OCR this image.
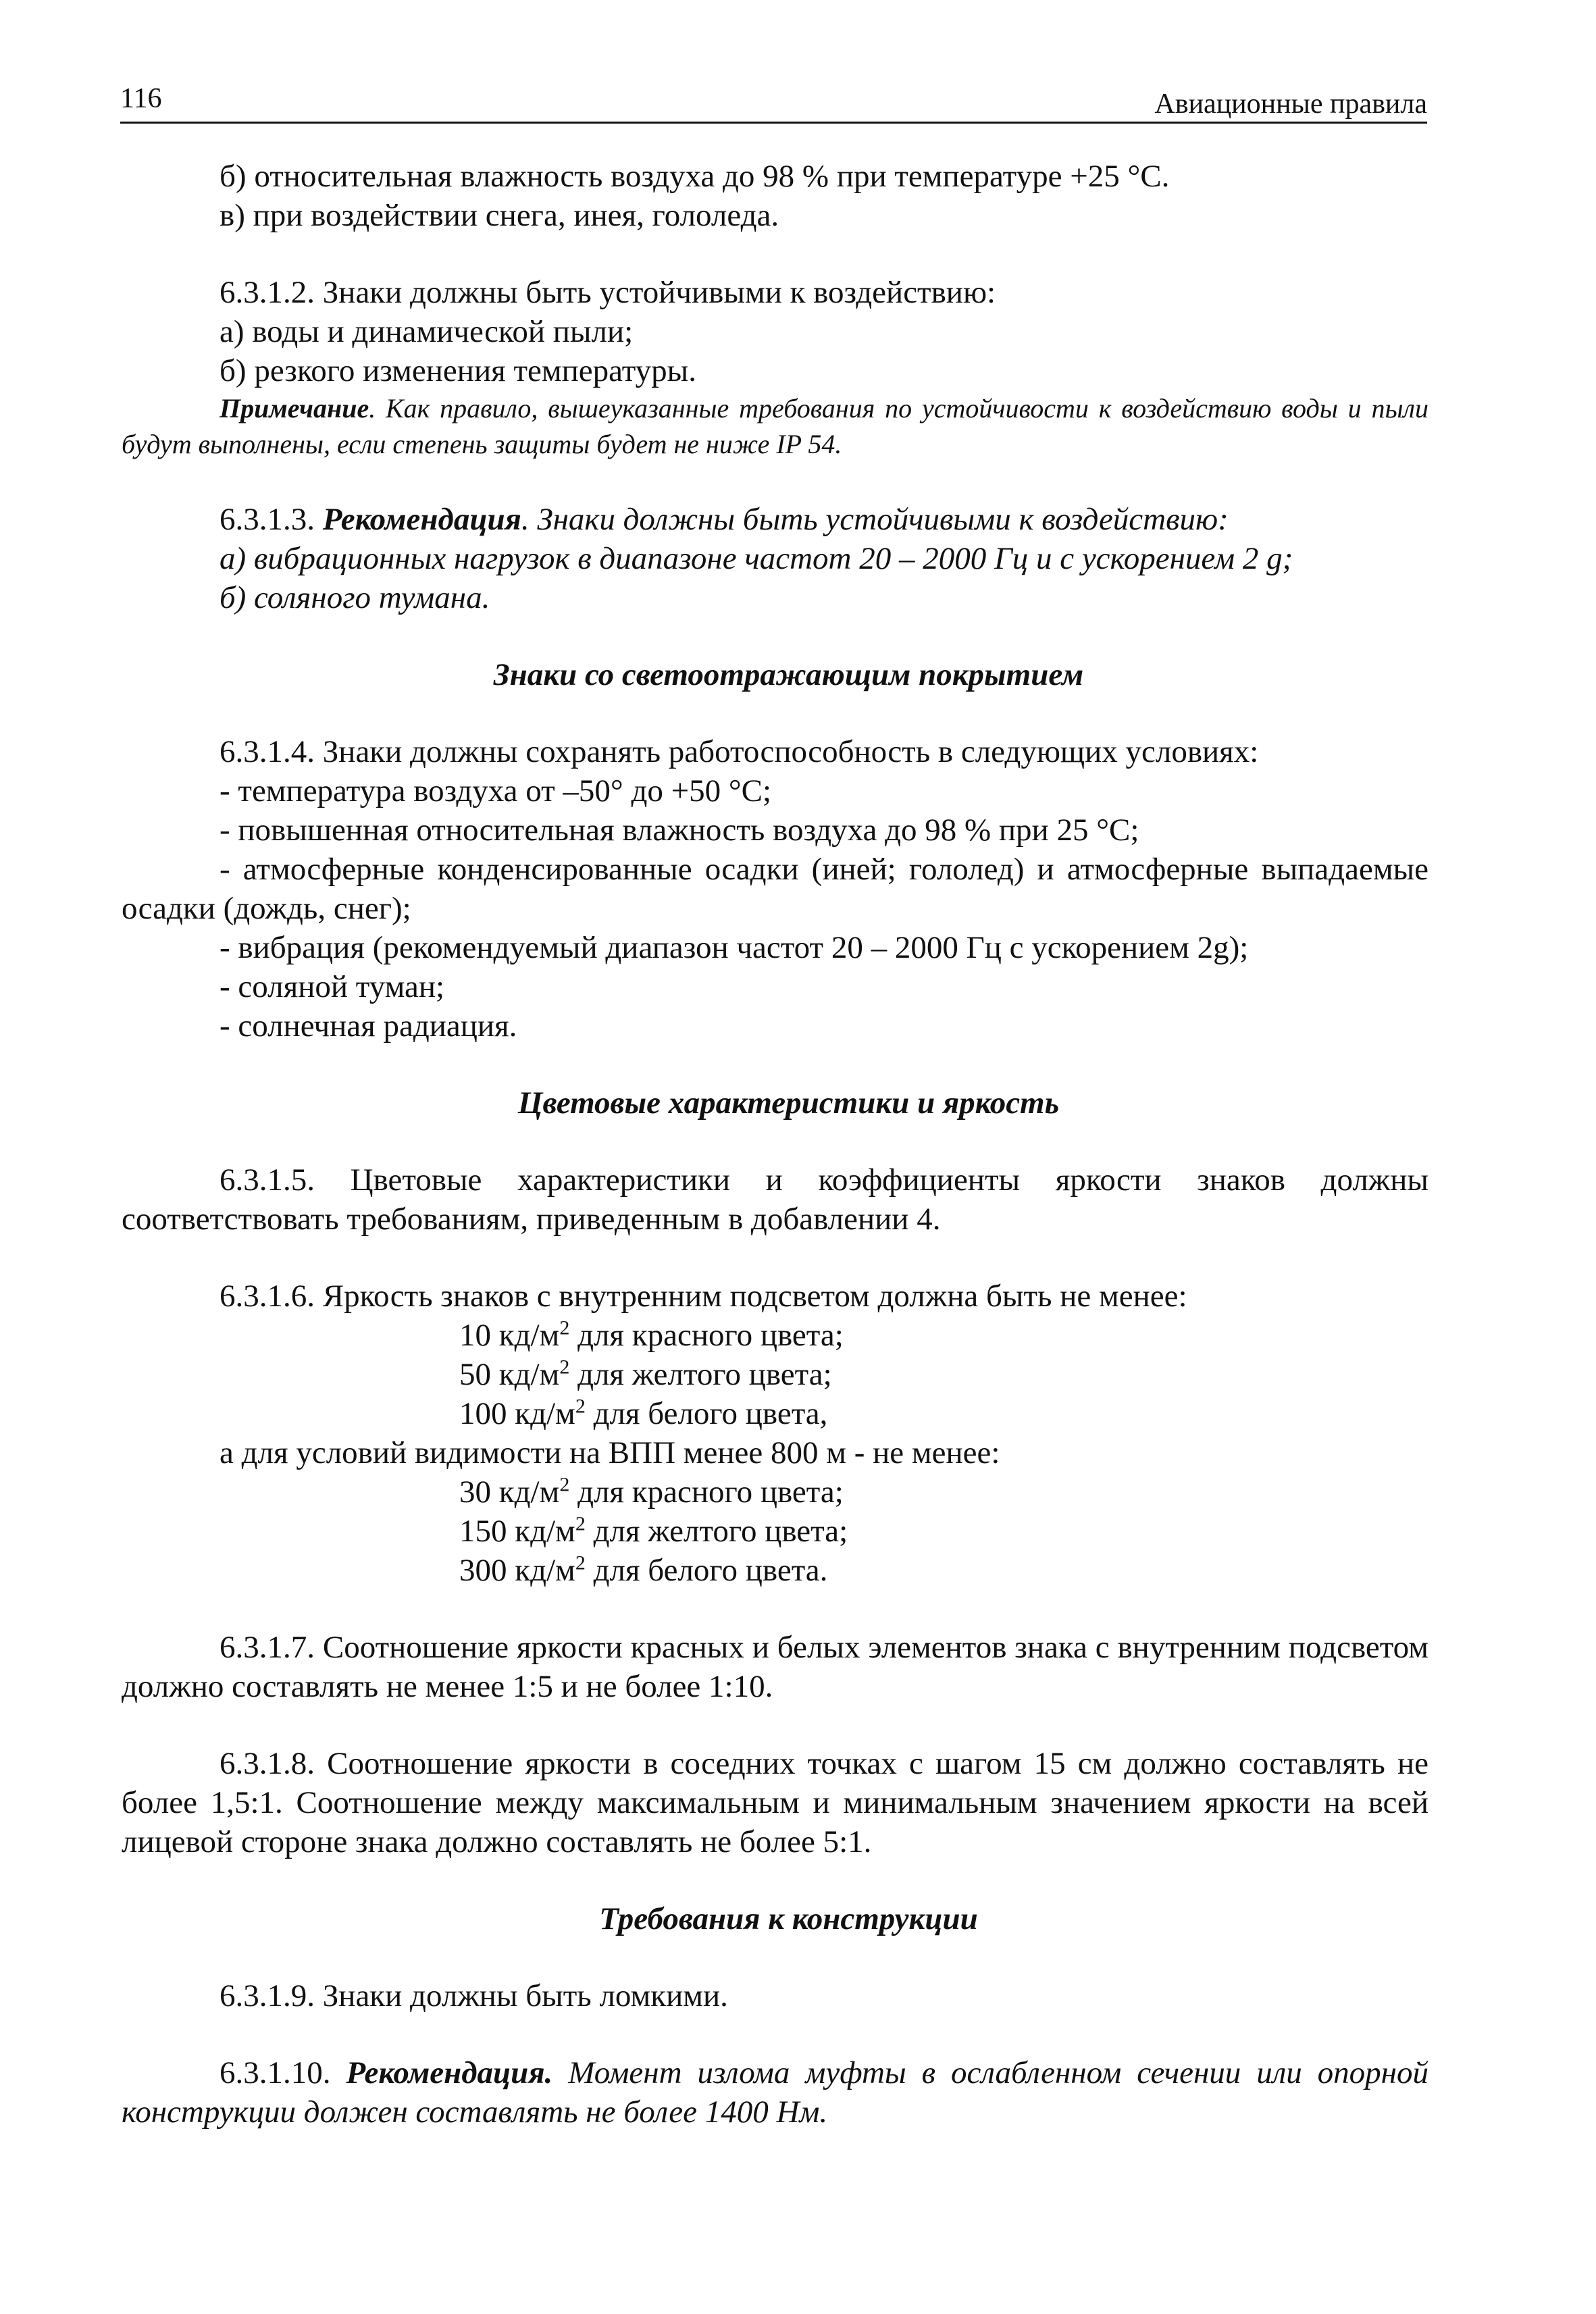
116	Авиационные правила

б) относительная влажность воздуха до 98 % при температуре +25 °С.

в) при воздействии снега, инея, гололеда.

6.3.1.2. Знаки должны быть устойчивыми к воздействию:

а) воды и динамической пыли;

б) резкого изменения температуры.

Примечание. Как правило, вышеуказанные требования по устойчивости к воздействию воды и пыли будут выполнены, если степень защиты будет не ниже IP 54.

6.3.1.3. Рекомендация. Знаки должны быть устойчивыми к воздействию:

а) вибрационных нагрузок в диапазоне частот 20 – 2000 Гц и с ускорением 2 g;

б) соляного тумана.

Знаки со светоотражающим покрытием

6.3.1.4. Знаки должны сохранять работоспособность в следующих условиях:

- температура воздуха от –50° до +50 °С;

- повышенная относительная влажность воздуха до 98 % при 25 °С;

- атмосферные конденсированные осадки (иней; гололед) и атмосферные выпадаемые осадки (дождь, снег);

- вибрация (рекомендуемый диапазон частот 20 – 2000 Гц с ускорением 2g);

- соляной туман;

- солнечная радиация.

Цветовые характеристики и яркость

6.3.1.5. Цветовые характеристики и коэффициенты яркости знаков должны соответствовать требованиям, приведенным в добавлении 4.

6.3.1.6. Яркость знаков с внутренним подсветом должна быть не менее:

10 $кд/м^2$ для красного цвета;

50 $кд/м^2$ для желтого цвета;

100 $кд/м^2$ для белого цвета,

а для условий видимости на ВПП менее 800 м - не менее:

30 $кд/м^2$ для красного цвета;

150 $кд/м^2$ для желтого цвета;

300 $кд/м^2$ для белого цвета.

6.3.1.7. Соотношение яркости красных и белых элементов знака с внутренним подсветом должно составлять не менее 1:5 и не более 1:10.

6.3.1.8. Соотношение яркости в соседних точках с шагом 15 см должно составлять не более 1,5:1. Соотношение между максимальным и минимальным значением яркости на всей лицевой стороне знака должно составлять не более 5:1.

Требования к конструкции

6.3.1.9. Знаки должны быть ломкими.

6.3.1.10. Рекомендация. Момент излома муфты в ослабленном сечении или опорной конструкции должен составлять не более 1400 Нм.
